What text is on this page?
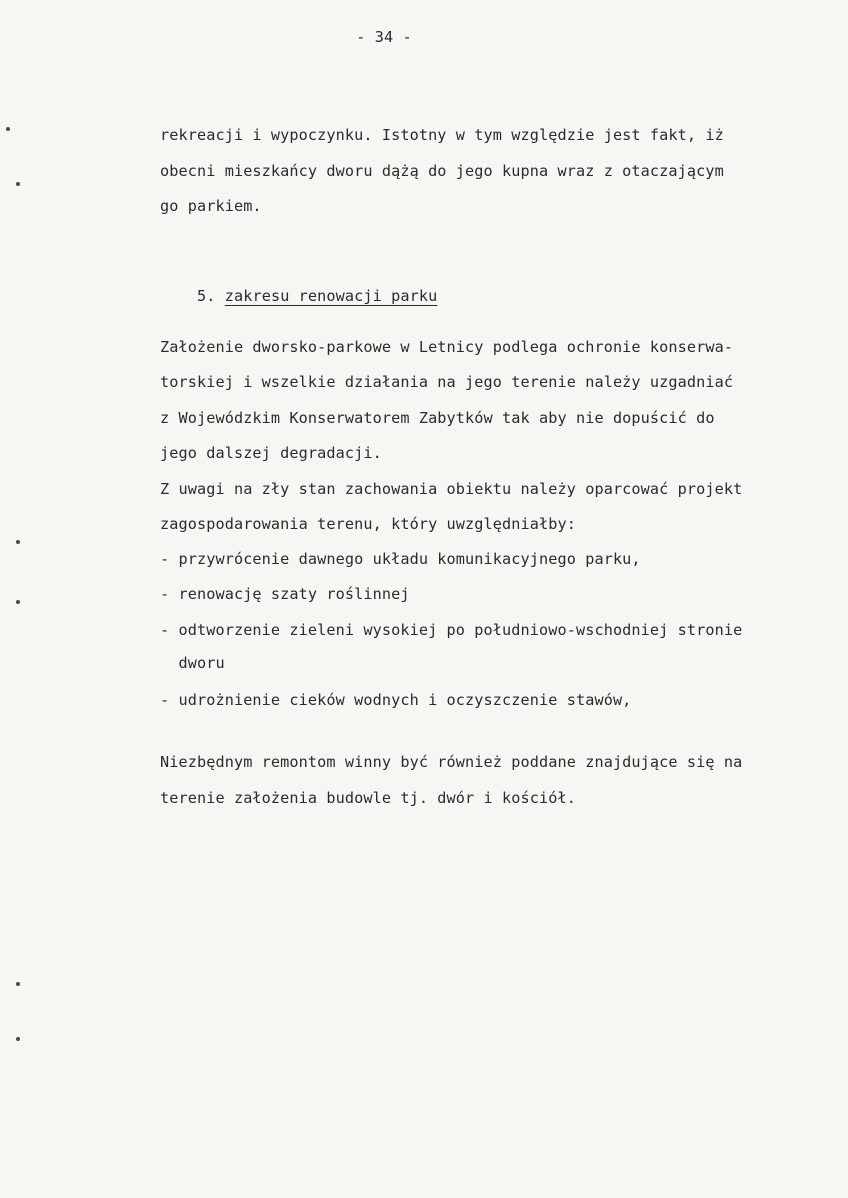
- 34 -
rekreacji i wypoczynku. Istotny w tym względzie jest fakt, iż
obecni mieszkańcy dworu dążą do jego kupna wraz z otaczającym
go parkiem.

5. zakresu renowacji parku

Założenie dworsko-parkowe w Letnicy podlega ochronie konserwa-
torskiej i wszelkie działania na jego terenie należy uzgadniać
z Wojewódzkim Konserwatorem Zabytków tak aby nie dopuścić do
jego dalszej degradacji.
Z uwagi na zły stan zachowania obiektu należy oparcować projekt
zagospodarowania terenu, który uwzględniałby:
- przywrócenie dawnego układu komunikacyjnego parku,
- renowację szaty roślinnej
- odtworzenie zieleni wysokiej po południowo-wschodniej stronie
dworu
- udrożnienie cieków wodnych i oczyszczenie stawów,
Niezbędnym remontom winny być również poddane znajdujące się na
terenie założenia budowle tj. dwór i kościół.
